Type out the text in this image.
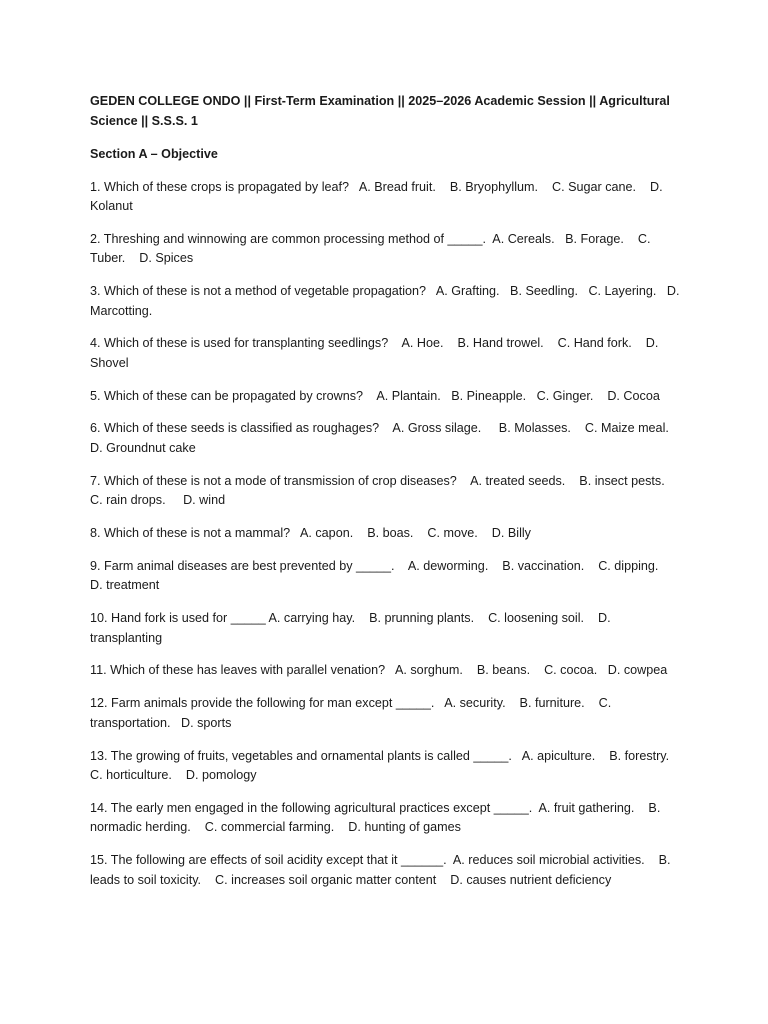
GEDEN COLLEGE ONDO || First-Term Examination || 2025–2026 Academic Session || Agricultural Science || S.S.S. 1

Section A – Objective

1. Which of these crops is propagated by leaf?   A. Bread fruit.    B. Bryophyllum.    C. Sugar cane.    D. Kolanut

2. Threshing and winnowing are common processing method of _____.  A. Cereals.   B. Forage.    C. Tuber.    D. Spices

3. Which of these is not a method of vegetable propagation?   A. Grafting.   B. Seedling.   C. Layering.   D. Marcotting.

4. Which of these is used for transplanting seedlings?    A. Hoe.    B. Hand trowel.    C. Hand fork.    D. Shovel

5. Which of these can be propagated by crowns?    A. Plantain.   B. Pineapple.   C. Ginger.    D. Cocoa

6. Which of these seeds is classified as roughages?    A. Gross silage.     B. Molasses.    C. Maize meal.    D. Groundnut cake

7. Which of these is not a mode of transmission of crop diseases?    A. treated seeds.    B. insect pests.    C. rain drops.     D. wind

8. Which of these is not a mammal?   A. capon.    B. boas.    C. move.    D. Billy

9. Farm animal diseases are best prevented by _____.    A. deworming.    B. vaccination.    C. dipping.    D. treatment

10. Hand fork is used for _____ A. carrying hay.    B. prunning plants.    C. loosening soil.    D. transplanting

11. Which of these has leaves with parallel venation?   A. sorghum.    B. beans.    C. cocoa.   D. cowpea

12. Farm animals provide the following for man except _____.   A. security.    B. furniture.    C. transportation.   D. sports

13. The growing of fruits, vegetables and ornamental plants is called _____.   A. apiculture.    B. forestry.    C. horticulture.    D. pomology

14. The early men engaged in the following agricultural practices except _____.  A. fruit gathering.    B. normadic herding.    C. commercial farming.    D. hunting of games

15. The following are effects of soil acidity except that it ______.  A. reduces soil microbial activities.    B. leads to soil toxicity.    C. increases soil organic matter content    D. causes nutrient deficiency
